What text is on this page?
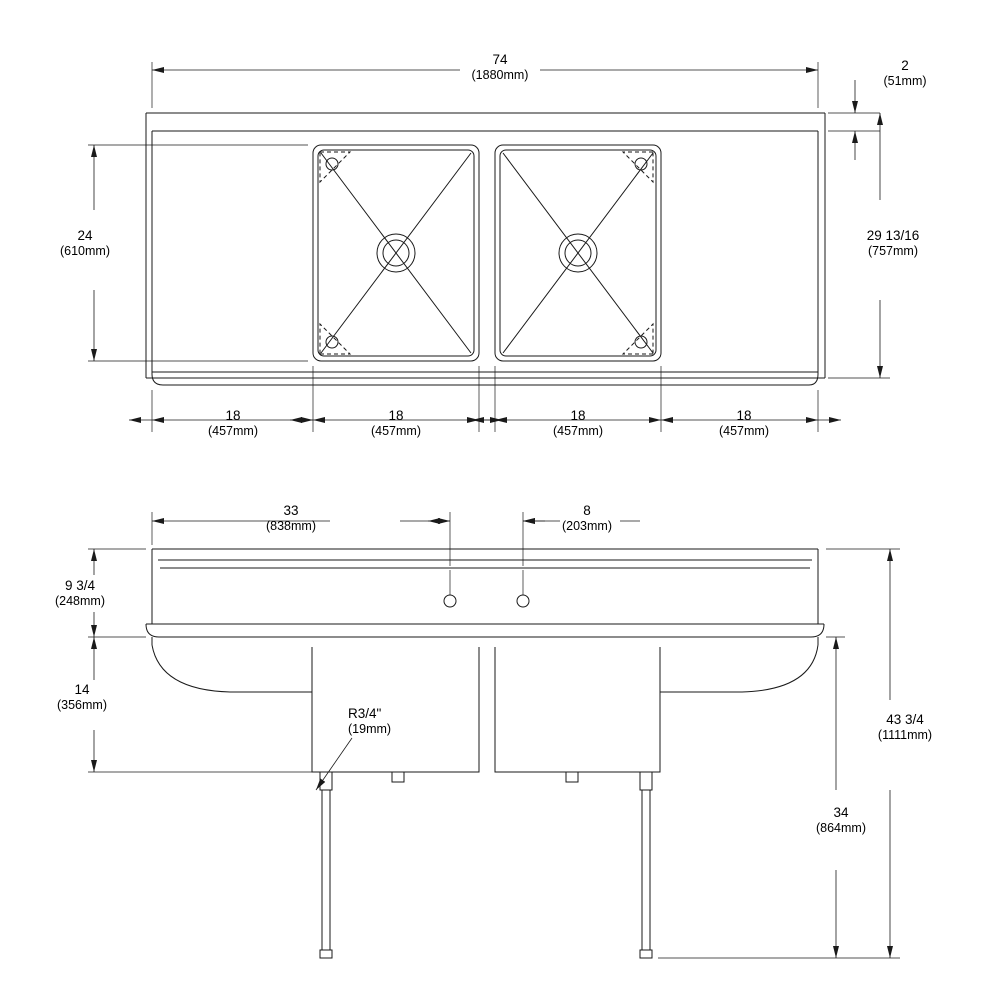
74
(1880mm)
2
(51mm)
24
(610mm)
29 13/16
(757mm)
18
(457mm)
18
(457mm)
18
(457mm)
18
(457mm)
33
(838mm)
8
(203mm)
9 3/4
(248mm)
14
(356mm)
43 3/4
(1111mm)
34
(864mm)
R3/4"
(19mm)
